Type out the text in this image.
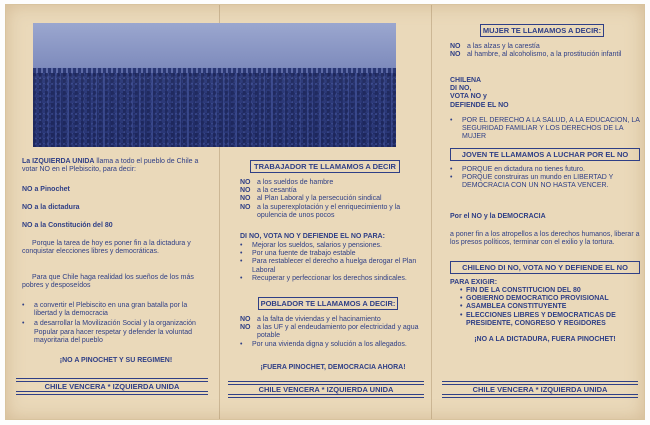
La IZQUIERDA UNIDA llama a todo el pueblo de Chile a votar NO en el Plebiscito, para decir:

NO a Pinochet
NO a la dictadura
NO a la Constitución del 80
Porque la tarea de hoy es poner fin a la dictadura y conquistar elecciones libres y democráticas.
Para que Chile haga realidad los sueños de los más pobres y desposeídos
•	a convertir el Plebiscito en una gran batalla por la libertad y la democracia
•	a desarrollar la Movilización Social y la organización Popular para hacer respetar y defender la voluntad mayoritaria del pueblo
¡NO A PINOCHET Y SU REGIMEN!
CHILE VENCERA * IZQUIERDA UNIDA
TRABAJADOR TE LLAMAMOS A DECIR
NO a los sueldos de hambre
NO a la cesantía
NO al Plan Laboral y la persecución sindical
NO a la superexplotación y el enriquecimiento y la opulencia de unos pocos
DI NO, VOTA NO Y DEFIENDE EL NO PARA:
•	Mejorar los sueldos, salarios y pensiones.
•	Por una fuente de trabajo estable
•	Para restablecer el derecho a huelga derogar el Plan Laboral
•	Recuperar y perfeccionar los derechos sindicales.
POBLADOR TE LLAMAMOS A DECIR:
NO a la falta de viviendas y el hacinamiento
NO a las UF y al endeudamiento por electricidad y agua potable
•	Por una vivienda digna y solución a los allegados.
¡FUERA PINOCHET, DEMOCRACIA AHORA!
CHILE VENCERA * IZQUIERDA UNIDA
MUJER TE LLAMAMOS A DECIR:
NO a las alzas y la carestía
NO al hambre, al alcoholismo, a la prostitución infantil
CHILENA
DI NO,
VOTA NO y
DEFIENDE EL NO
•	POR EL DERECHO A LA SALUD, A LA EDUCACION, LA SEGURIDAD FAMILIAR Y LOS DERECHOS DE LA MUJER
JOVEN TE LLAMAMOS A LUCHAR POR EL NO
•	PORQUE en dictadura no tienes futuro.
•	PORQUE construiras un mundo en LIBERTAD Y DEMOCRACIA CON UN NO HASTA VENCER.
Por el NO y la DEMOCRACIA
a poner fin a los atropellos a los derechos humanos, liberar a los presos políticos, terminar con el exilio y la tortura.
CHILENO DI NO, VOTA NO Y DEFIENDE EL NO
PARA EXIGIR:
• FIN DE LA CONSTITUCION DEL 80
• GOBIERNO DEMOCRATICO PROVISIONAL
• ASAMBLEA CONSTITUYENTE
• ELECCIONES LIBRES Y DEMOCRATICAS DE PRESIDENTE, CONGRESO Y REGIDORES
¡NO A LA DICTADURA, FUERA PINOCHET!
CHILE VENCERA * IZQUIERDA UNIDA
